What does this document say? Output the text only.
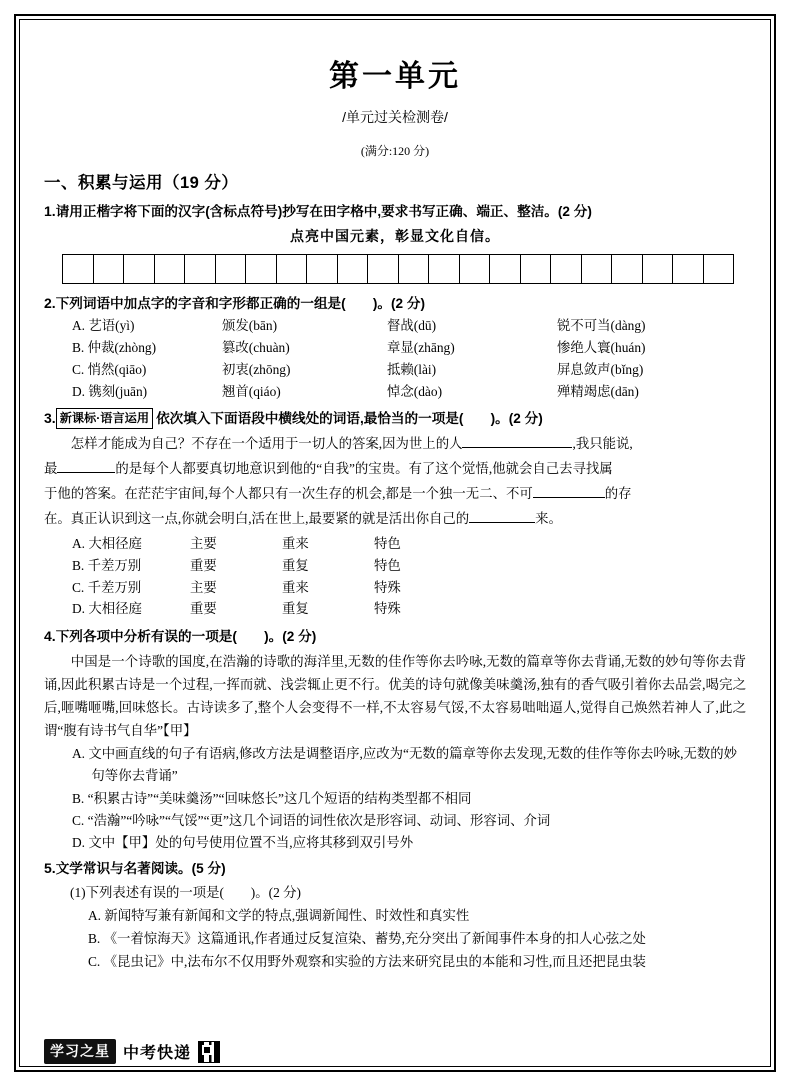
第一单元
/单元过关检测卷/
(满分:120 分)
一、积累与运用（19 分）
1.请用正楷字将下面的汉字(含标点符号)抄写在田字格中,要求书写正确、端正、整洁。(2 分)
点亮中国元素，彰显文化自信。
2.下列词语中加点字的字音和字形都正确的一组是(　　)。(2 分)
A. 艺语(yì)	颁发(bān)	督战(dū)	锐不可当(dàng)
B. 仲裁(zhòng)	篡改(chuàn)	章显(zhāng)	惨绝人寰(huán)
C. 悄然(qiāo)	初衷(zhōng)	抵赖(lài)	屏息敛声(bǐng)
D. 镌刻(juān)	翘首(qiáo)	悼念(dào)	殚精竭虑(dān)
3. 新课标·语言运用 依次填入下面语段中横线处的词语,最恰当的一项是(　　)。(2 分)
怎样才能成为自己？不存在一个适用于一切人的答案,因为世上的人	,我只能说,
最	的是每个人都要真切地意识到他的“自我”的宝贵。有了这个觉悟,他就会自己去寻找属
于他的答案。在茫茫宇宙间,每个人都只有一次生存的机会,都是一个独一无二、不可	的存
在。真正认识到这一点,你就会明白,活在世上,最要紧的就是活出你自己的	来。
A. 大相径庭	主要	重来	特色
B. 千差万别	重要	重复	特色
C. 千差万别	主要	重来	特殊
D. 大相径庭	重要	重复	特殊
4.下列各项中分析有误的一项是(　　)。(2 分)
中国是一个诗歌的国度,在浩瀚的诗歌的海洋里,无数的佳作等你去吟咏,无数的篇章等你去背诵,无数的妙句等你去背诵,因此积累古诗是一个过程,一挥而就、浅尝辄止更不行。优美的诗句就像美味羹汤,独有的香气吸引着你去品尝,喝完之后,咂嘴咂嘴,回味悠长。古诗读多了,整个人会变得不一样,不太容易气馁,不太容易咄咄逼人,觉得自己焕然若神人了,此之谓“腹有诗书气自华”【甲】
A. 文中画直线的句子有语病,修改方法是调整语序,应改为“无数的篇章等你去发现,无数的佳作等你去吟咏,无数的妙句等你去背诵”
B. “积累古诗”“美味羹汤”“回味悠长”这几个短语的结构类型都不相同
C. “浩瀚”“吟咏”“气馁”“更”这几个词语的词性依次是形容词、动词、形容词、介词
D. 文中【甲】处的句号使用位置不当,应将其移到双引号外
5.文学常识与名著阅读。(5 分)
(1)下列表述有误的一项是(　　)。(2 分)
A. 新闻特写兼有新闻和文学的特点,强调新闻性、时效性和真实性
B. 《一着惊海天》这篇通讯,作者通过反复渲染、蓄势,充分突出了新闻事件本身的扣人心弦之处
C. 《昆虫记》中,法布尔不仅用野外观察和实验的方法来研究昆虫的本能和习性,而且还把昆虫装
学习之星 中考快递
